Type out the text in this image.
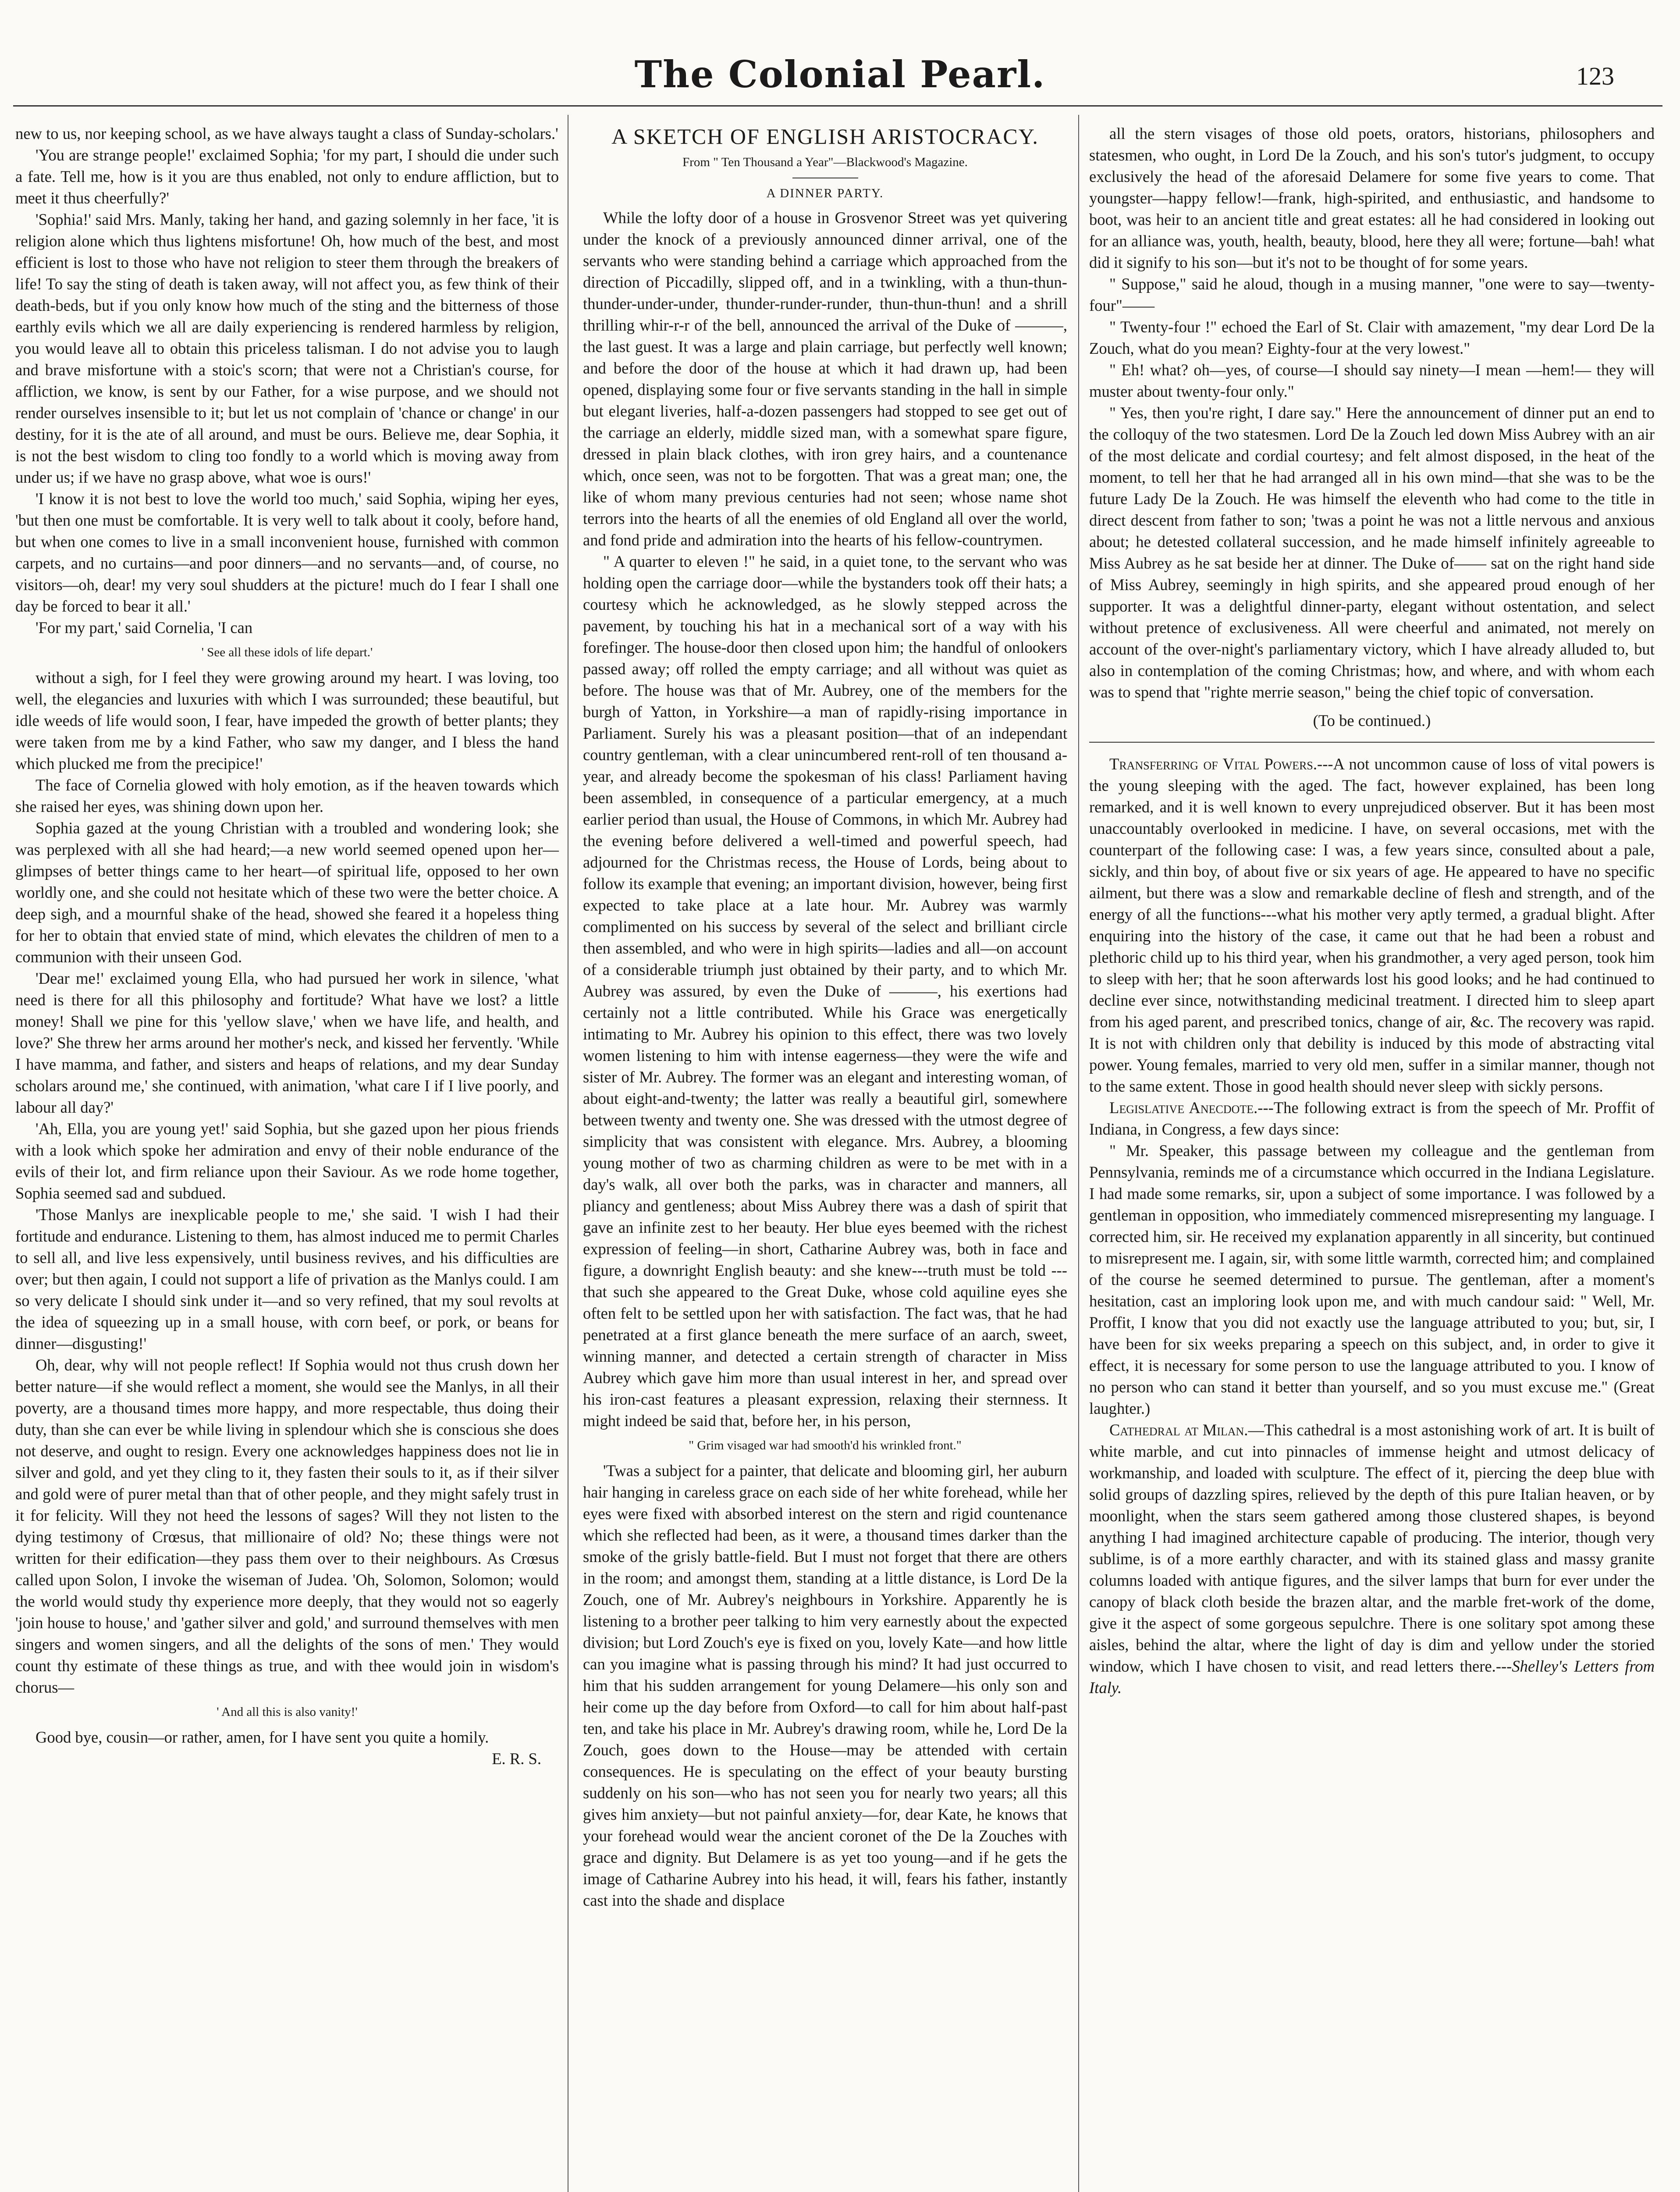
The Colonial Pearl.	123

new to us, nor keeping school, as we have always taught a class of Sunday-scholars.'

'You are strange people!' exclaimed Sophia; 'for my part, I should die under such a fate. Tell me, how is it you are thus enabled, not only to endure affliction, but to meet it thus cheerfully?'

'Sophia!' said Mrs. Manly, taking her hand, and gazing solemnly in her face, 'it is religion alone which thus lightens misfortune! Oh, how much of the best, and most efficient is lost to those who have not religion to steer them through the breakers of life! To say the sting of death is taken away, will not affect you, as few think of their death-beds, but if you only know how much of the sting and the bitterness of those earthly evils which we all are daily experiencing is rendered harmless by religion, you would leave all to obtain this priceless talisman. I do not advise you to laugh and brave misfortune with a stoic's scorn; that were not a Christian's course, for affliction, we know, is sent by our Father, for a wise purpose, and we should not render ourselves insensible to it; but let us not complain of 'chance or change' in our destiny, for it is the ate of all around, and must be ours. Believe me, dear Sophia, it is not the best wisdom to cling too fondly to a world which is moving away from under us; if we have no grasp above, what woe is ours!'

'I know it is not best to love the world too much,' said Sophia, wiping her eyes, 'but then one must be comfortable. It is very well to talk about it cooly, before hand, but when one comes to live in a small inconvenient house, furnished with common carpets, and no curtains—and poor dinners—and no servants—and, of course, no visitors—oh, dear! my very soul shudders at the picture! much do I fear I shall one day be forced to bear it all.'

'For my part,' said Cornelia, 'I can

' See all these idols of life depart.'

without a sigh, for I feel they were growing around my heart. I was loving, too well, the elegancies and luxuries with which I was surrounded; these beautiful, but idle weeds of life would soon, I fear, have impeded the growth of better plants; they were taken from me by a kind Father, who saw my danger, and I bless the hand which plucked me from the precipice!'

The face of Cornelia glowed with holy emotion, as if the heaven towards which she raised her eyes, was shining down upon her.

Sophia gazed at the young Christian with a troubled and wondering look; she was perplexed with all she had heard;—a new world seemed opened upon her—glimpses of better things came to her heart—of spiritual life, opposed to her own worldly one, and she could not hesitate which of these two were the better choice. A deep sigh, and a mournful shake of the head, showed she feared it a hopeless thing for her to obtain that envied state of mind, which elevates the children of men to a communion with their unseen God.

'Dear me!' exclaimed young Ella, who had pursued her work in silence, 'what need is there for all this philosophy and fortitude? What have we lost? a little money! Shall we pine for this 'yellow slave,' when we have life, and health, and love?' She threw her arms around her mother's neck, and kissed her fervently. 'While I have mamma, and father, and sisters and heaps of relations, and my dear Sunday scholars around me,' she continued, with animation, 'what care I if I live poorly, and labour all day?'

'Ah, Ella, you are young yet!' said Sophia, but she gazed upon her pious friends with a look which spoke her admiration and envy of their noble endurance of the evils of their lot, and firm reliance upon their Saviour. As we rode home together, Sophia seemed sad and subdued.

'Those Manlys are inexplicable people to me,' she said. 'I wish I had their fortitude and endurance. Listening to them, has almost induced me to permit Charles to sell all, and live less expensively, until business revives, and his difficulties are over; but then again, I could not support a life of privation as the Manlys could. I am so very delicate I should sink under it—and so very refined, that my soul revolts at the idea of squeezing up in a small house, with corn beef, or pork, or beans for dinner—disgusting!'

Oh, dear, why will not people reflect! If Sophia would not thus crush down her better nature—if she would reflect a moment, she would see the Manlys, in all their poverty, are a thousand times more happy, and more respectable, thus doing their duty, than she can ever be while living in splendour which she is conscious she does not deserve, and ought to resign. Every one acknowledges happiness does not lie in silver and gold, and yet they cling to it, they fasten their souls to it, as if their silver and gold were of purer metal than that of other people, and they might safely trust in it for felicity. Will they not heed the lessons of sages? Will they not listen to the dying testimony of Crœsus, that millionaire of old? No; these things were not written for their edification—they pass them over to their neighbours. As Crœsus called upon Solon, I invoke the wiseman of Judea. 'Oh, Solomon, Solomon; would the world would study thy experience more deeply, that they would not so eagerly 'join house to house,' and 'gather silver and gold,' and surround themselves with men singers and women singers, and all the delights of the sons of men.' They would count thy estimate of these things as true, and with thee would join in wisdom's chorus—

' And all this is also vanity!'

Good bye, cousin—or rather, amen, for I have sent you quite a homily.

E. R. S.

A SKETCH OF ENGLISH ARISTOCRACY.

From " Ten Thousand a Year"—Blackwood's Magazine.

A DINNER PARTY.

While the lofty door of a house in Grosvenor Street was yet quivering under the knock of a previously announced dinner arrival, one of the servants who were standing behind a carriage which approached from the direction of Piccadilly, slipped off, and in a twinkling, with a thun-thun-thunder-under-under, thunder-runder-runder, thun-thun-thun! and a shrill thrilling whir-r-r of the bell, announced the arrival of the Duke of ———, the last guest. It was a large and plain carriage, but perfectly well known; and before the door of the house at which it had drawn up, had been opened, displaying some four or five servants standing in the hall in simple but elegant liveries, half-a-dozen passengers had stopped to see get out of the carriage an elderly, middle sized man, with a somewhat spare figure, dressed in plain black clothes, with iron grey hairs, and a countenance which, once seen, was not to be forgotten. That was a great man; one, the like of whom many previous centuries had not seen; whose name shot terrors into the hearts of all the enemies of old England all over the world, and fond pride and admiration into the hearts of his fellow-countrymen.

" A quarter to eleven !" he said, in a quiet tone, to the servant who was holding open the carriage door—while the bystanders took off their hats; a courtesy which he acknowledged, as he slowly stepped across the pavement, by touching his hat in a mechanical sort of a way with his forefinger. The house-door then closed upon him; the handful of onlookers passed away; off rolled the empty carriage; and all without was quiet as before. The house was that of Mr. Aubrey, one of the members for the burgh of Yatton, in Yorkshire—a man of rapidly-rising importance in Parliament. Surely his was a pleasant position—that of an independant country gentleman, with a clear unincumbered rent-roll of ten thousand a-year, and already become the spokesman of his class! Parliament having been assembled, in consequence of a particular emergency, at a much earlier period than usual, the House of Commons, in which Mr. Aubrey had the evening before delivered a well-timed and powerful speech, had adjourned for the Christmas recess, the House of Lords, being about to follow its example that evening; an important division, however, being first expected to take place at a late hour. Mr. Aubrey was warmly complimented on his success by several of the select and brilliant circle then assembled, and who were in high spirits—ladies and all—on account of a considerable triumph just obtained by their party, and to which Mr. Aubrey was assured, by even the Duke of ———, his exertions had certainly not a little contributed. While his Grace was energetically intimating to Mr. Aubrey his opinion to this effect, there was two lovely women listening to him with intense eagerness—they were the wife and sister of Mr. Aubrey. The former was an elegant and interesting woman, of about eight-and-twenty; the latter was really a beautiful girl, somewhere between twenty and twenty one. She was dressed with the utmost degree of simplicity that was consistent with elegance. Mrs. Aubrey, a blooming young mother of two as charming children as were to be met with in a day's walk, all over both the parks, was in character and manners, all pliancy and gentleness; about Miss Aubrey there was a dash of spirit that gave an infinite zest to her beauty. Her blue eyes beemed with the richest expression of feeling—in short, Catharine Aubrey was, both in face and figure, a downright English beauty: and she knew---truth must be told ---that such she appeared to the Great Duke, whose cold aquiline eyes she often felt to be settled upon her with satisfaction. The fact was, that he had penetrated at a first glance beneath the mere surface of an aarch, sweet, winning manner, and detected a certain strength of character in Miss Aubrey which gave him more than usual interest in her, and spread over his iron-cast features a pleasant expression, relaxing their sternness. It might indeed be said that, before her, in his person,

" Grim visaged war had smooth'd his wrinkled front."

'Twas a subject for a painter, that delicate and blooming girl, her auburn hair hanging in careless grace on each side of her white forehead, while her eyes were fixed with absorbed interest on the stern and rigid countenance which she reflected had been, as it were, a thousand times darker than the smoke of the grisly battle-field. But I must not forget that there are others in the room; and amongst them, standing at a little distance, is Lord De la Zouch, one of Mr. Aubrey's neighbours in Yorkshire. Apparently he is listening to a brother peer talking to him very earnestly about the expected division; but Lord Zouch's eye is fixed on you, lovely Kate—and how little can you imagine what is passing through his mind? It had just occurred to him that his sudden arrangement for young Delamere—his only son and heir come up the day before from Oxford—to call for him about half-past ten, and take his place in Mr. Aubrey's drawing room, while he, Lord De la Zouch, goes down to the House—may be attended with certain consequences. He is speculating on the effect of your beauty bursting suddenly on his son—who has not seen you for nearly two years; all this gives him anxiety—but not painful anxiety—for, dear Kate, he knows that your forehead would wear the ancient coronet of the De la Zouches with grace and dignity. But Delamere is as yet too young—and if he gets the image of Catharine Aubrey into his head, it will, fears his father, instantly cast into the shade and displace

all the stern visages of those old poets, orators, historians, philosophers and statesmen, who ought, in Lord De la Zouch, and his son's tutor's judgment, to occupy exclusively the head of the aforesaid Delamere for some five years to come. That youngster—happy fellow!—frank, high-spirited, and enthusiastic, and handsome to boot, was heir to an ancient title and great estates: all he had considered in looking out for an alliance was, youth, health, beauty, blood, here they all were; fortune—bah! what did it signify to his son—but it's not to be thought of for some years.

" Suppose," said he aloud, though in a musing manner, "one were to say—twenty-four"——

" Twenty-four !" echoed the Earl of St. Clair with amazement, "my dear Lord De la Zouch, what do you mean? Eighty-four at the very lowest."

" Eh! what? oh—yes, of course—I should say ninety—I mean —hem!— they will muster about twenty-four only."

" Yes, then you're right, I dare say." Here the announcement of dinner put an end to the colloquy of the two statesmen. Lord De la Zouch led down Miss Aubrey with an air of the most delicate and cordial courtesy; and felt almost disposed, in the heat of the moment, to tell her that he had arranged all in his own mind—that she was to be the future Lady De la Zouch. He was himself the eleventh who had come to the title in direct descent from father to son; 'twas a point he was not a little nervous and anxious about; he detested collateral succession, and he made himself infinitely agreeable to Miss Aubrey as he sat beside her at dinner. The Duke of—— sat on the right hand side of Miss Aubrey, seemingly in high spirits, and she appeared proud enough of her supporter. It was a delightful dinner-party, elegant without ostentation, and select without pretence of exclusiveness. All were cheerful and animated, not merely on account of the over-night's parliamentary victory, which I have already alluded to, but also in contemplation of the coming Christmas; how, and where, and with whom each was to spend that "righte merrie season," being the chief topic of conversation.

(To be continued.)

Transferring of Vital Powers.---A not uncommon cause of loss of vital powers is the young sleeping with the aged. The fact, however explained, has been long remarked, and it is well known to every unprejudiced observer. But it has been most unaccountably overlooked in medicine. I have, on several occasions, met with the counterpart of the following case: I was, a few years since, consulted about a pale, sickly, and thin boy, of about five or six years of age. He appeared to have no specific ailment, but there was a slow and remarkable decline of flesh and strength, and of the energy of all the functions---what his mother very aptly termed, a gradual blight. After enquiring into the history of the case, it came out that he had been a robust and plethoric child up to his third year, when his grandmother, a very aged person, took him to sleep with her; that he soon afterwards lost his good looks; and he had continued to decline ever since, notwithstanding medicinal treatment. I directed him to sleep apart from his aged parent, and prescribed tonics, change of air, &c. The recovery was rapid. It is not with children only that debility is induced by this mode of abstracting vital power. Young females, married to very old men, suffer in a similar manner, though not to the same extent. Those in good health should never sleep with sickly persons.

Legislative Anecdote.---The following extract is from the speech of Mr. Proffit of Indiana, in Congress, a few days since:

" Mr. Speaker, this passage between my colleague and the gentleman from Pennsylvania, reminds me of a circumstance which occurred in the Indiana Legislature. I had made some remarks, sir, upon a subject of some importance. I was followed by a gentleman in opposition, who immediately commenced misrepresenting my language. I corrected him, sir. He received my explanation apparently in all sincerity, but continued to misrepresent me. I again, sir, with some little warmth, corrected him; and complained of the course he seemed determined to pursue. The gentleman, after a moment's hesitation, cast an imploring look upon me, and with much candour said: " Well, Mr. Proffit, I know that you did not exactly use the language attributed to you; but, sir, I have been for six weeks preparing a speech on this subject, and, in order to give it effect, it is necessary for some person to use the language attributed to you. I know of no person who can stand it better than yourself, and so you must excuse me." (Great laughter.)

Cathedral at Milan.—This cathedral is a most astonishing work of art. It is built of white marble, and cut into pinnacles of immense height and utmost delicacy of workmanship, and loaded with sculpture. The effect of it, piercing the deep blue with solid groups of dazzling spires, relieved by the depth of this pure Italian heaven, or by moonlight, when the stars seem gathered among those clustered shapes, is beyond anything I had imagined architecture capable of producing. The interior, though very sublime, is of a more earthly character, and with its stained glass and massy granite columns loaded with antique figures, and the silver lamps that burn for ever under the canopy of black cloth beside the brazen altar, and the marble fret-work of the dome, give it the aspect of some gorgeous sepulchre. There is one solitary spot among these aisles, behind the altar, where the light of day is dim and yellow under the storied window, which I have chosen to visit, and read letters there.---Shelley's Letters from Italy.
